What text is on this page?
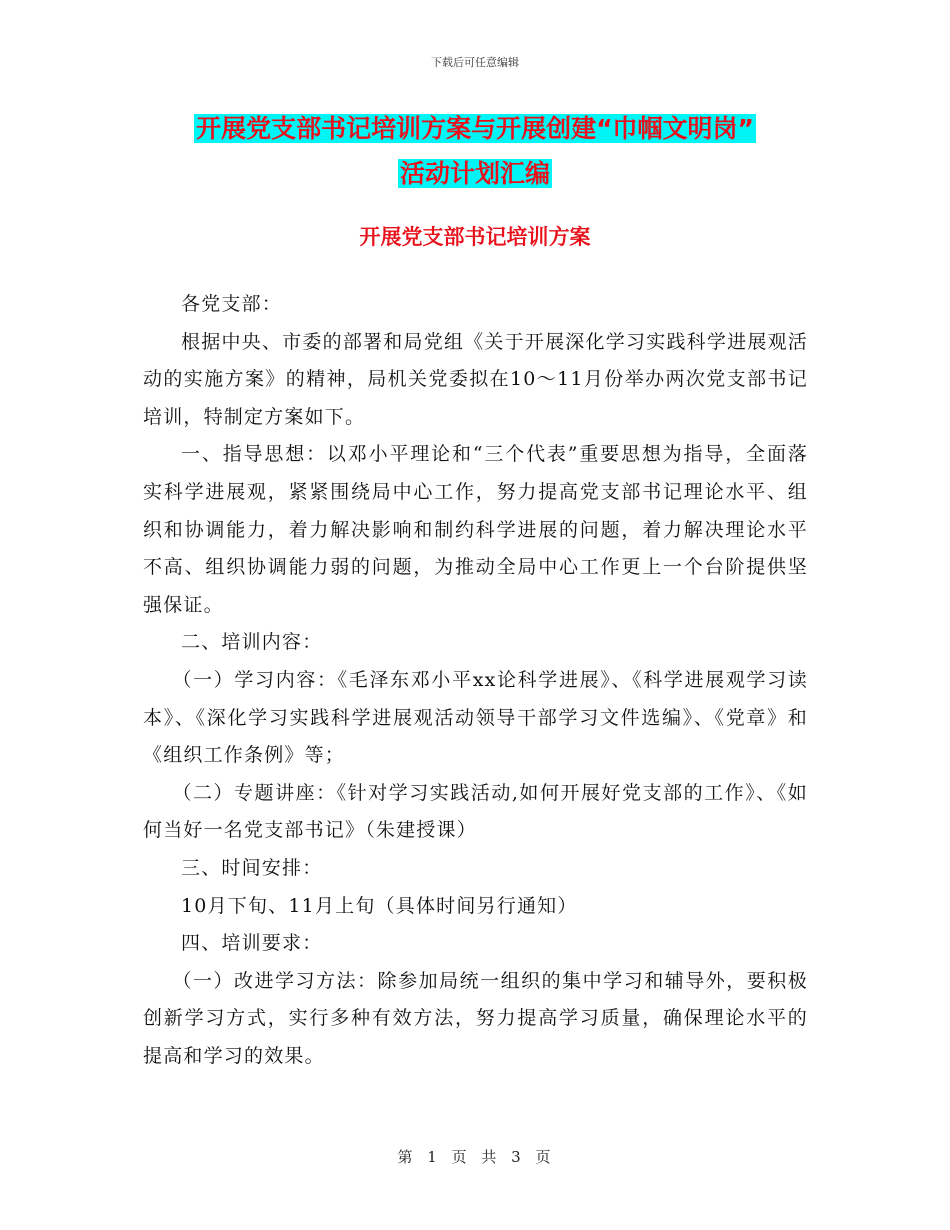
下载后可任意编辑
开展党支部书记培训方案与开展创建“巾帼文明岗”
活动计划汇编
开展党支部书记培训方案

各党支部：

根据中央、市委的部署和局党组《关于开展深化学习实践科学进展观活动的实施方案》的精神，局机关党委拟在10～11月份举办两次党支部书记培训，特制定方案如下。

一、指导思想：以邓小平理论和“三个代表”重要思想为指导，全面落实科学进展观，紧紧围绕局中心工作，努力提高党支部书记理论水平、组织和协调能力，着力解决影响和制约科学进展的问题，着力解决理论水平不高、组织协调能力弱的问题，为推动全局中心工作更上一个台阶提供坚强保证。

二、培训内容：

（一）学习内容：《毛泽东邓小平xx论科学进展》、《科学进展观学习读本》、《深化学习实践科学进展观活动领导干部学习文件选编》、《党章》和《组织工作条例》等；

（二）专题讲座：《针对学习实践活动,如何开展好党支部的工作》、《如何当好一名党支部书记》（朱建授课）

三、时间安排：

10月下旬、11月上旬（具体时间另行通知）

四、培训要求：

（一）改进学习方法：除参加局统一组织的集中学习和辅导外，要积极创新学习方式，实行多种有效方法，努力提高学习质量，确保理论水平的提高和学习的效果。

第 1 页 共 3 页
